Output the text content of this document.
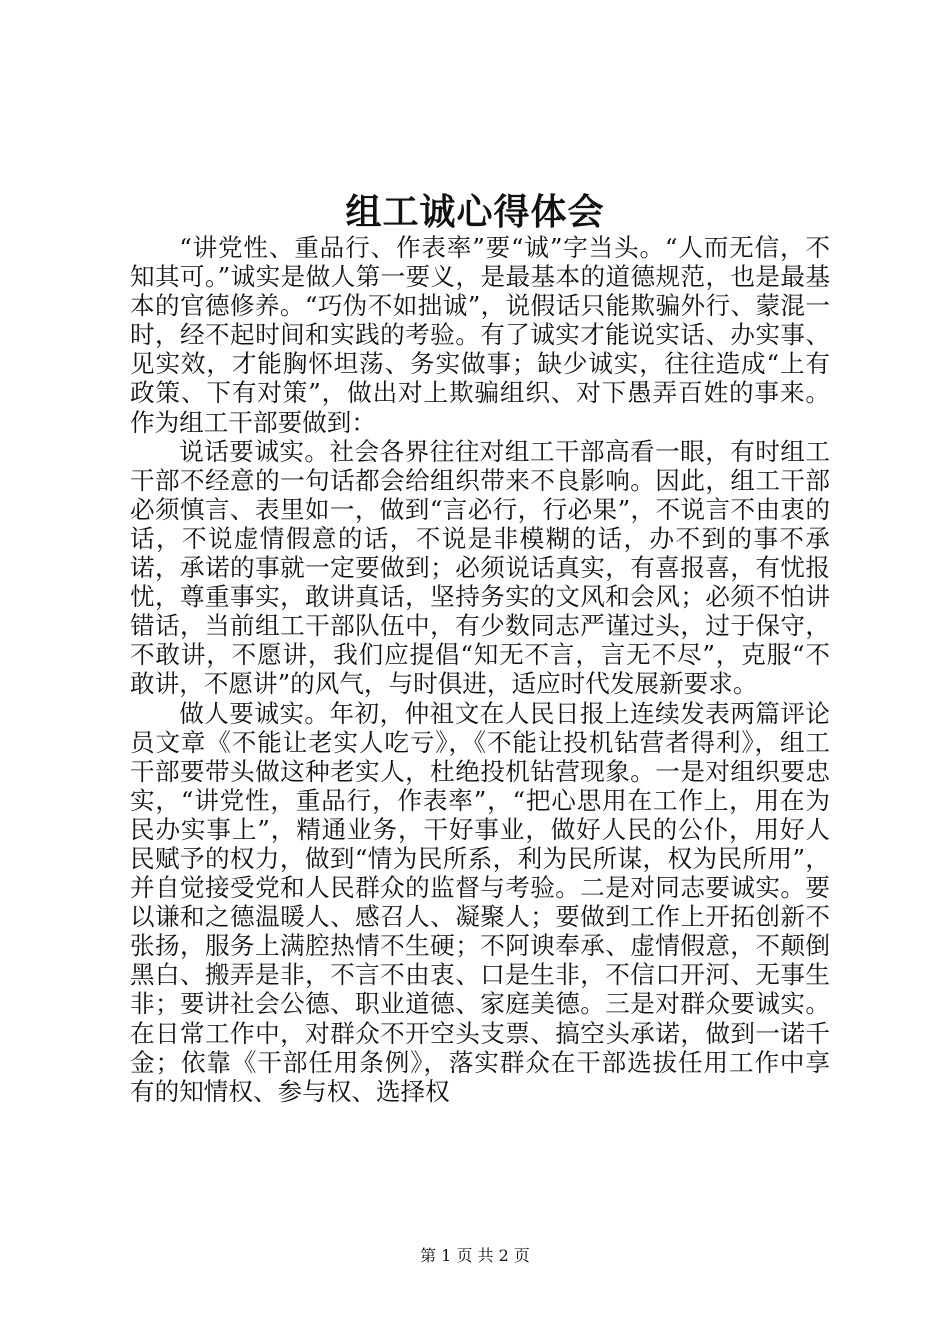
组工诚心得体会

“讲党性、重品行、作表率”要“诚”字当头。“人而无信，不知其可。”诚实是做人第一要义，是最基本的道德规范，也是最基本的官德修养。“巧伪不如拙诚”，说假话只能欺骗外行、蒙混一时，经不起时间和实践的考验。有了诚实才能说实话、办实事、见实效，才能胸怀坦荡、务实做事；缺少诚实，往往造成“上有政策、下有对策”，做出对上欺骗组织、对下愚弄百姓的事来。作为组工干部要做到：

说话要诚实。社会各界往往对组工干部高看一眼，有时组工干部不经意的一句话都会给组织带来不良影响。因此，组工干部必须慎言、表里如一，做到“言必行，行必果”，不说言不由衷的话，不说虚情假意的话，不说是非模糊的话，办不到的事不承诺，承诺的事就一定要做到；必须说话真实，有喜报喜，有忧报忧，尊重事实，敢讲真话，坚持务实的文风和会风；必须不怕讲错话，当前组工干部队伍中，有少数同志严谨过头，过于保守，不敢讲，不愿讲，我们应提倡“知无不言，言无不尽”，克服“不敢讲，不愿讲”的风气，与时俱进，适应时代发展新要求。

做人要诚实。年初，仲祖文在人民日报上连续发表两篇评论员文章《不能让老实人吃亏》，《不能让投机钻营者得利》，组工干部要带头做这种老实人，杜绝投机钻营现象。一是对组织要忠实，“讲党性，重品行，作表率”，“把心思用在工作上，用在为民办实事上”，精通业务，干好事业，做好人民的公仆，用好人民赋予的权力，做到“情为民所系，利为民所谋，权为民所用”，并自觉接受党和人民群众的监督与考验。二是对同志要诚实。要以谦和之德温暖人、感召人、凝聚人；要做到工作上开拓创新不张扬，服务上满腔热情不生硬；不阿谀奉承、虚情假意，不颠倒黑白、搬弄是非，不言不由衷、口是生非，不信口开河、无事生非；要讲社会公德、职业道德、家庭美德。三是对群众要诚实。在日常工作中，对群众不开空头支票、搞空头承诺，做到一诺千金；依靠《干部任用条例》，落实群众在干部选拔任用工作中享有的知情权、参与权、选择权

第 1 页 共 2 页
